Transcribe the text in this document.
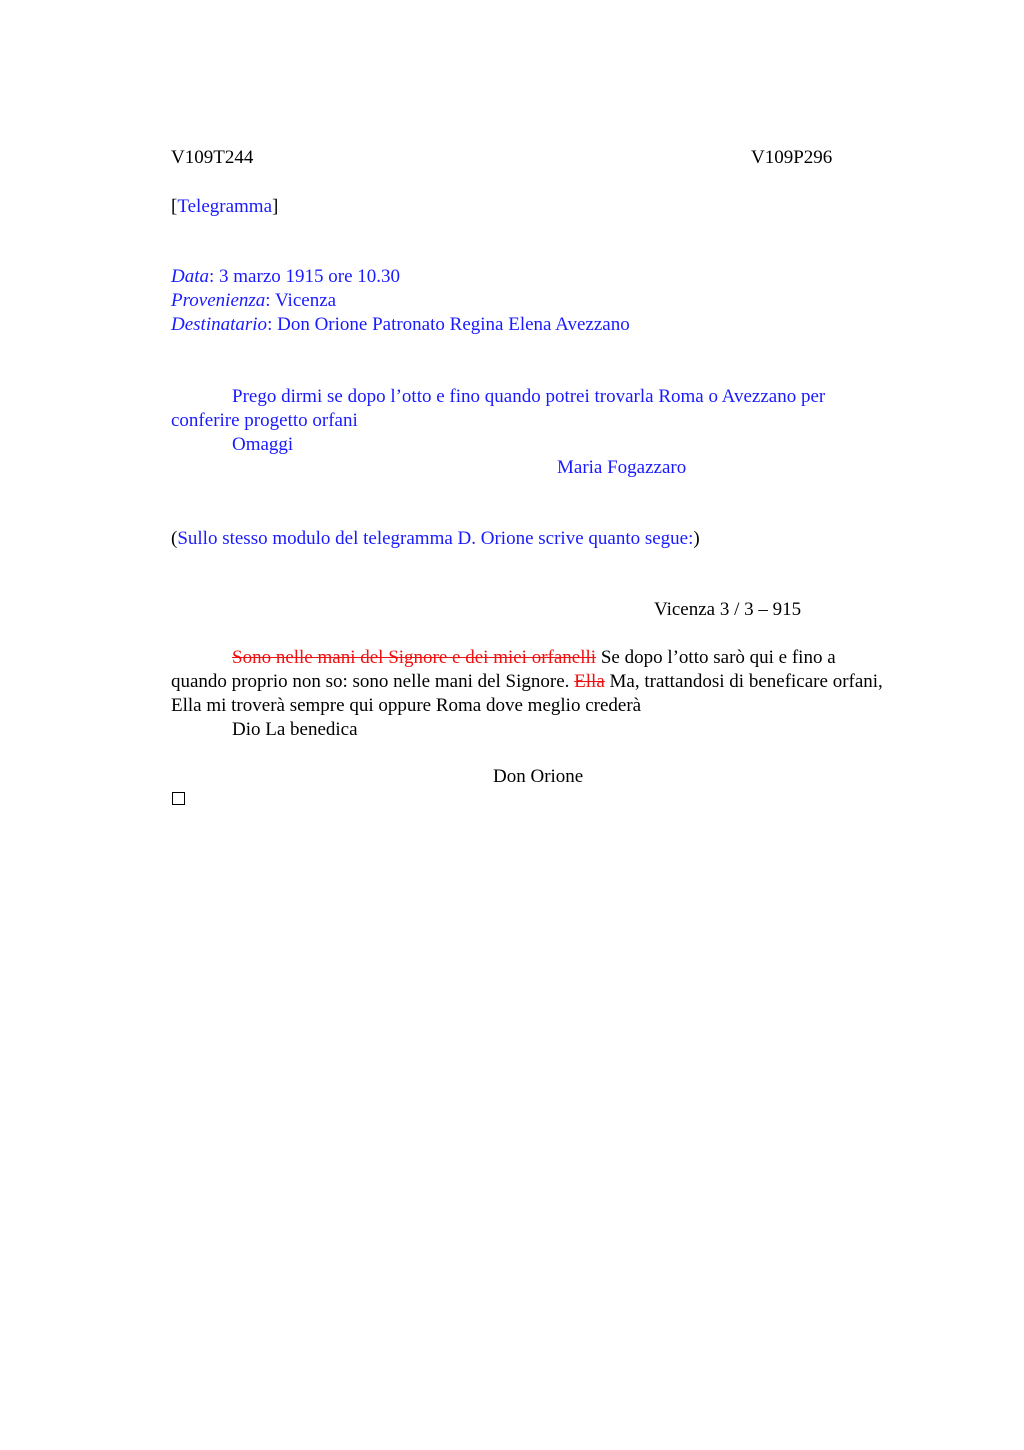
V109T244	V109P296
[Telegramma]
Data: 3 marzo 1915 ore 10.30
Provenienza: Vicenza
Destinatario: Don Orione Patronato Regina Elena Avezzano

Prego dirmi se dopo l’otto e fino quando potrei trovarla Roma o Avezzano per conferire progetto orfani

Omaggi

Maria Fogazzaro
(Sullo stesso modulo del telegramma D. Orione scrive quanto segue:)
Vicenza 3 / 3 – 915

Sono nelle mani del Signore e dei miei orfanelli Se dopo l’otto sarò qui e fino a quando proprio non so: sono nelle mani del Signore. Ella Ma, trattandosi di beneficare orfani, Ella mi troverà sempre qui oppure Roma dove meglio crederà

Dio La benedica

Don Orione
